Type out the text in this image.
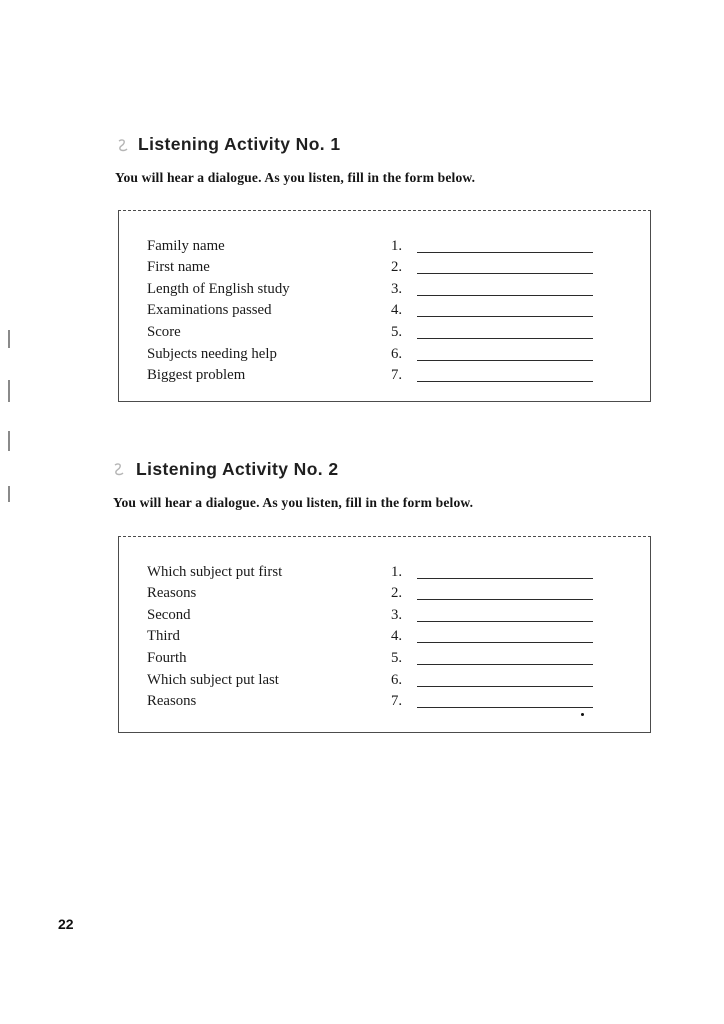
Listening Activity No. 1
You will hear a dialogue. As you listen, fill in the form below.
Family name	1.
First name	2.
Length of English study	3.
Examinations passed	4.
Score	5.
Subjects needing help	6.
Biggest problem	7.
Listening Activity No. 2
You will hear a dialogue. As you listen, fill in the form below.
Which subject put first	1.
Reasons	2.
Second	3.
Third	4.
Fourth	5.
Which subject put last	6.
Reasons	7.
22
